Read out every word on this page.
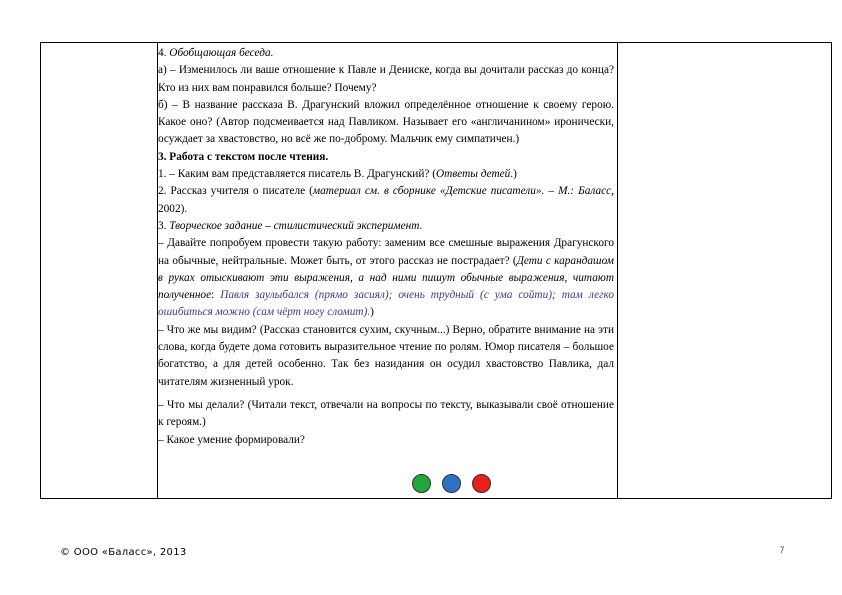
4. Обобщающая беседа.

а) – Изменилось ли ваше отношение к Павле и Дениске, когда вы дочитали рассказ до конца? Кто из них вам понравился больше? Почему?

б) – В название рассказа В. Драгунский вложил определённое отношение к своему герою. Какое оно? (Автор подсмеивается над Павликом. Называет его «англичанином» иронически, осуждает за хвастовство, но всё же по-доброму. Мальчик ему симпатичен.)

3. Работа с текстом после чтения.

1. – Каким вам представляется писатель В. Драгунский? (Ответы детей.)

2. Рассказ учителя о писателе (материал см. в сборнике «Детские писатели». – М.: Баласс, 2002).

3. Творческое задание – стилистический эксперимент.

– Давайте попробуем провести такую работу: заменим все смешные выражения Драгунского на обычные, нейтральные. Может быть, от этого рассказ не пострадает? (Дети с карандашом в руках отыскивают эти выражения, а над ними пишут обычные выражения, читают полученное: Павля заулыбался (прямо засиял); очень трудный (с ума сойти); там легко ошибиться можно (сам чёрт ногу сломит).)

– Что же мы видим? (Рассказ становится сухим, скучным...) Верно, обратите внимание на эти слова, когда будете дома готовить выразительное чтение по ролям. Юмор писателя – большое богатство, а для детей особенно. Так без назидания он осудил хвастовство Павлика, дал читателям жизненный урок.

– Что мы делали? (Читали текст, отвечали на вопросы по тексту, выказывали своё отношение к героям.)

– Какое умение формировали?

© ООО «Баласс», 2013	7
